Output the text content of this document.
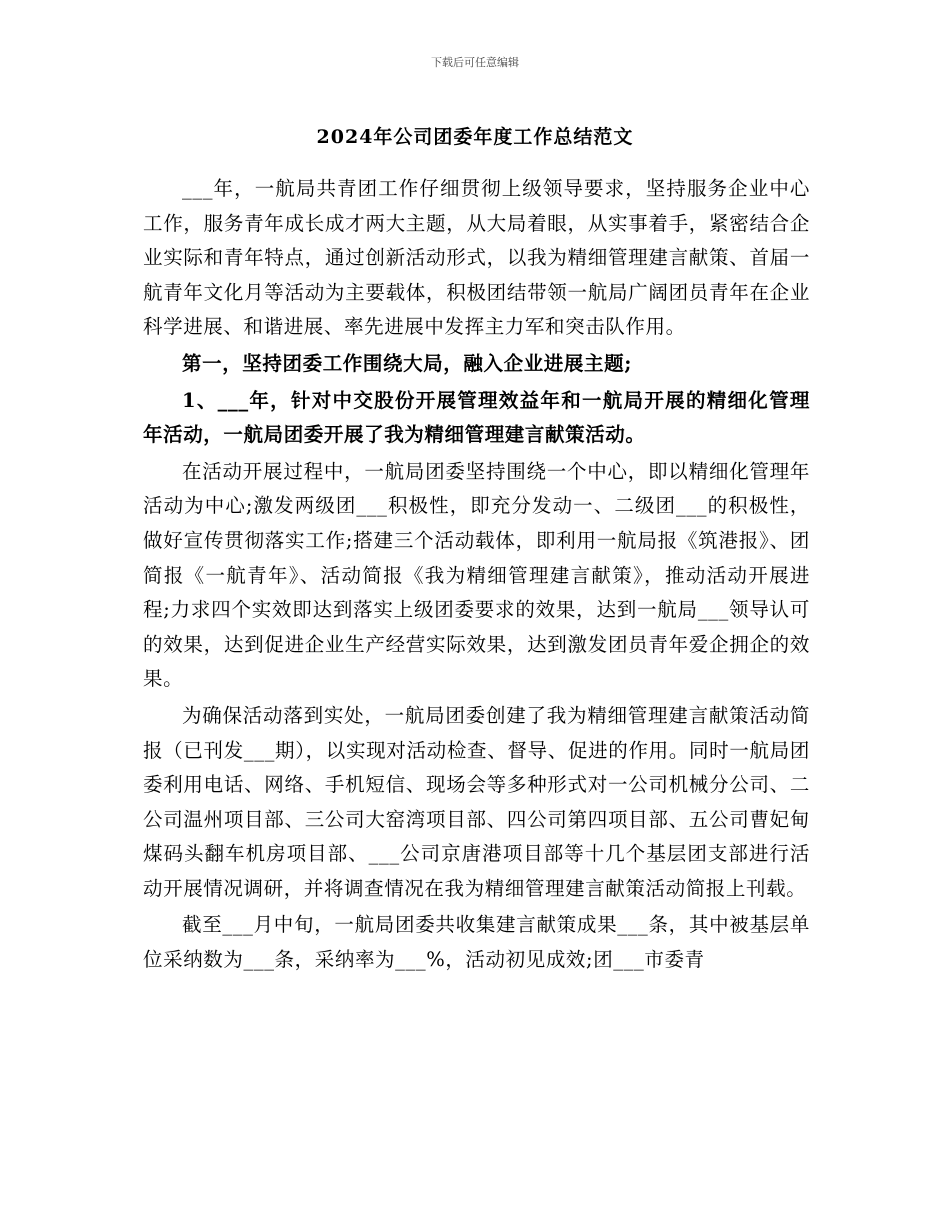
下载后可任意编辑
2024年公司团委年度工作总结范文

___年，一航局共青团工作仔细贯彻上级领导要求，坚持服务企业中心工作，服务青年成长成才两大主题，从大局着眼，从实事着手，紧密结合企业实际和青年特点，通过创新活动形式，以我为精细管理建言献策、首届一航青年文化月等活动为主要载体，积极团结带领一航局广阔团员青年在企业科学进展、和谐进展、率先进展中发挥主力军和突击队作用。

第一，坚持团委工作围绕大局，融入企业进展主题;

1、___年，针对中交股份开展管理效益年和一航局开展的精细化管理年活动，一航局团委开展了我为精细管理建言献策活动。

在活动开展过程中，一航局团委坚持围绕一个中心，即以精细化管理年活动为中心;激发两级团___积极性，即充分发动一、二级团___的积极性，做好宣传贯彻落实工作;搭建三个活动载体，即利用一航局报《筑港报》、团简报《一航青年》、活动简报《我为精细管理建言献策》，推动活动开展进程;力求四个实效即达到落实上级团委要求的效果，达到一航局___领导认可的效果，达到促进企业生产经营实际效果，达到激发团员青年爱企拥企的效果。

为确保活动落到实处，一航局团委创建了我为精细管理建言献策活动简报（已刊发___期），以实现对活动检查、督导、促进的作用。同时一航局团委利用电话、网络、手机短信、现场会等多种形式对一公司机械分公司、二公司温州项目部、三公司大窑湾项目部、四公司第四项目部、五公司曹妃甸煤码头翻车机房项目部、___公司京唐港项目部等十几个基层团支部进行活动开展情况调研，并将调查情况在我为精细管理建言献策活动简报上刊载。

截至___月中旬，一航局团委共收集建言献策成果___条，其中被基层单位采纳数为___条，采纳率为___%，活动初见成效;团___市委青
